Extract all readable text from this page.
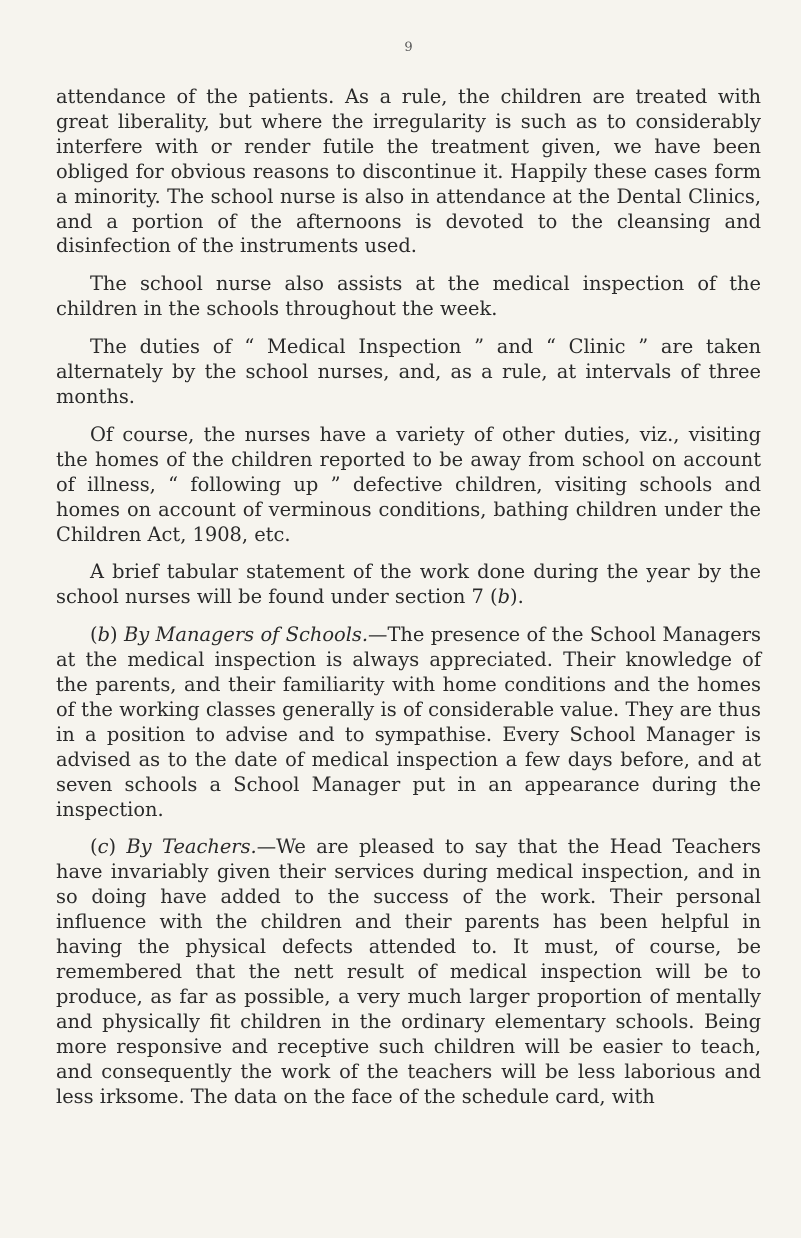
9

attendance of the patients. As a rule, the children are treated with great liberality, but where the irregularity is such as to considerably interfere with or render futile the treatment given, we have been obliged for obvious reasons to discontinue it. Happily these cases form a minority. The school nurse is also in attendance at the Dental Clinics, and a portion of the afternoons is devoted to the cleansing and disinfection of the instruments used.

The school nurse also assists at the medical inspection of the children in the schools throughout the week.

The duties of “ Medical Inspection ” and “ Clinic ” are taken alternately by the school nurses, and, as a rule, at intervals of three months.

Of course, the nurses have a variety of other duties, viz., visiting the homes of the children reported to be away from school on account of illness, “ following up ” defective children, visiting schools and homes on account of verminous conditions, bathing children under the Children Act, 1908, etc.

A brief tabular statement of the work done during the year by the school nurses will be found under section 7 (b).

(b) By Managers of Schools.—The presence of the School Managers at the medical inspection is always appreciated. Their knowledge of the parents, and their familiarity with home conditions and the homes of the working classes generally is of considerable value. They are thus in a position to advise and to sympathise. Every School Manager is advised as to the date of medical inspection a few days before, and at seven schools a School Manager put in an appearance during the inspection.

(c) By Teachers.—We are pleased to say that the Head Teachers have invariably given their services during medical inspection, and in so doing have added to the success of the work. Their personal influence with the children and their parents has been helpful in having the physical defects attended to. It must, of course, be remembered that the nett result of medical inspection will be to produce, as far as possible, a very much larger proportion of mentally and physically fit children in the ordinary elementary schools. Being more responsive and receptive such children will be easier to teach, and consequently the work of the teachers will be less laborious and less irksome. The data on the face of the schedule card, with
